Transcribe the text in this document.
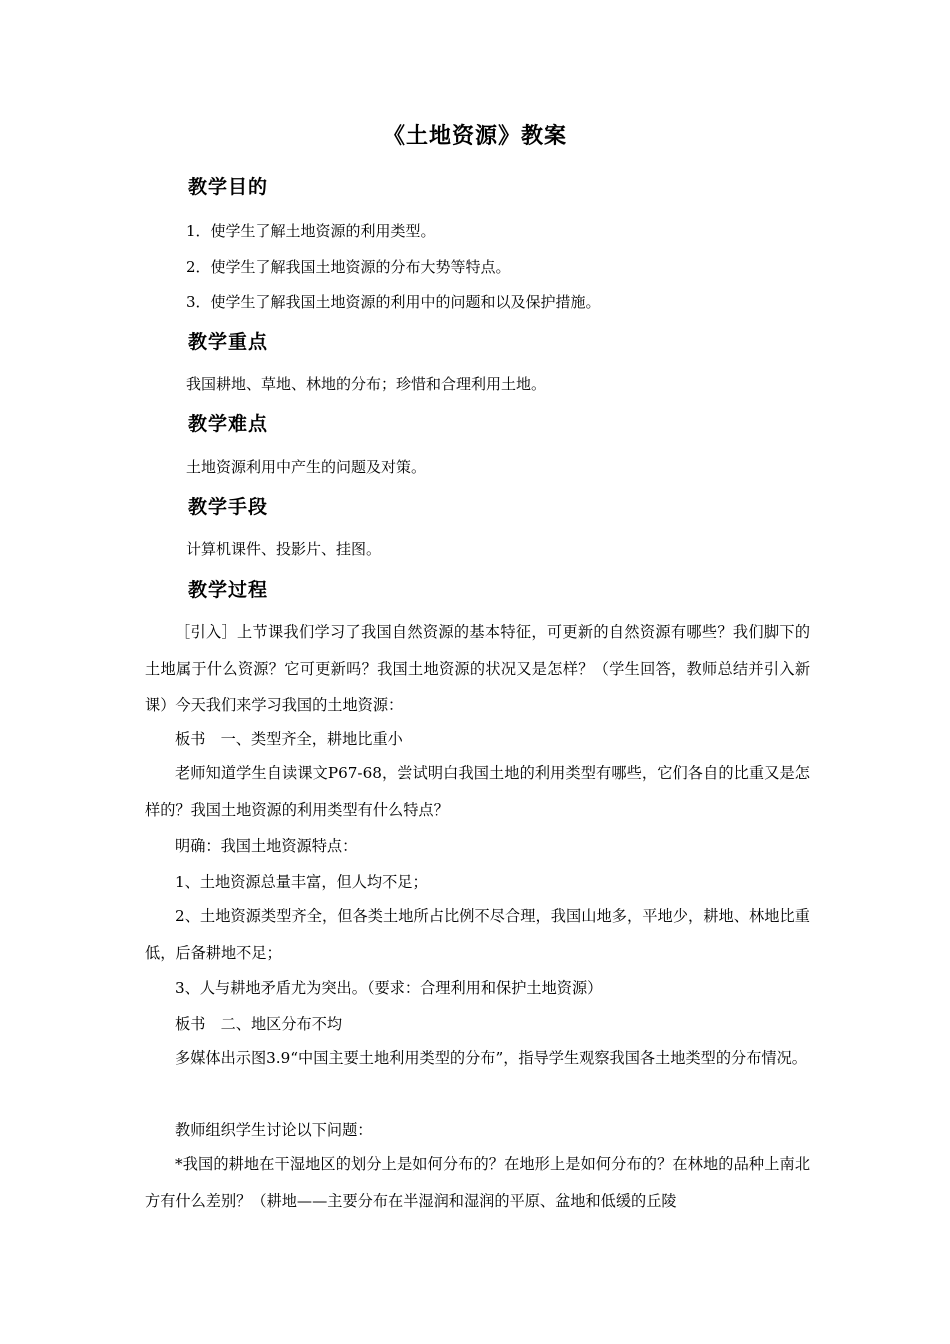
《土地资源》教案
教学目的
1．使学生了解土地资源的利用类型。
2．使学生了解我国土地资源的分布大势等特点。
3．使学生了解我国土地资源的利用中的问题和以及保护措施。
教学重点
我国耕地、草地、林地的分布；珍惜和合理利用土地。
教学难点
土地资源利用中产生的问题及对策。
教学手段
计算机课件、投影片、挂图。
教学过程

［引入］上节课我们学习了我国自然资源的基本特征，可更新的自然资源有哪些？我们脚下的土地属于什么资源？它可更新吗？我国土地资源的状况又是怎样？（学生回答，教师总结并引入新课）今天我们来学习我国的土地资源：

板书　一、类型齐全，耕地比重小

老师知道学生自读课文P67-68，尝试明白我国土地的利用类型有哪些，它们各自的比重又是怎样的？我国土地资源的利用类型有什么特点？

明确：我国土地资源特点：
1、土地资源总量丰富，但人均不足；

2、土地资源类型齐全，但各类土地所占比例不尽合理，我国山地多，平地少，耕地、林地比重低，后备耕地不足；

3、人与耕地矛盾尤为突出。（要求：合理利用和保护土地资源）
板书　二、地区分布不均

多媒体出示图3.9“中国主要土地利用类型的分布”，指导学生观察我国各土地类型的分布情况。

教师组织学生讨论以下问题：

*我国的耕地在干湿地区的划分上是如何分布的？在地形上是如何分布的？在林地的品种上南北方有什么差别？（耕地——主要分布在半湿润和湿润的平原、盆地和低缓的丘陵
